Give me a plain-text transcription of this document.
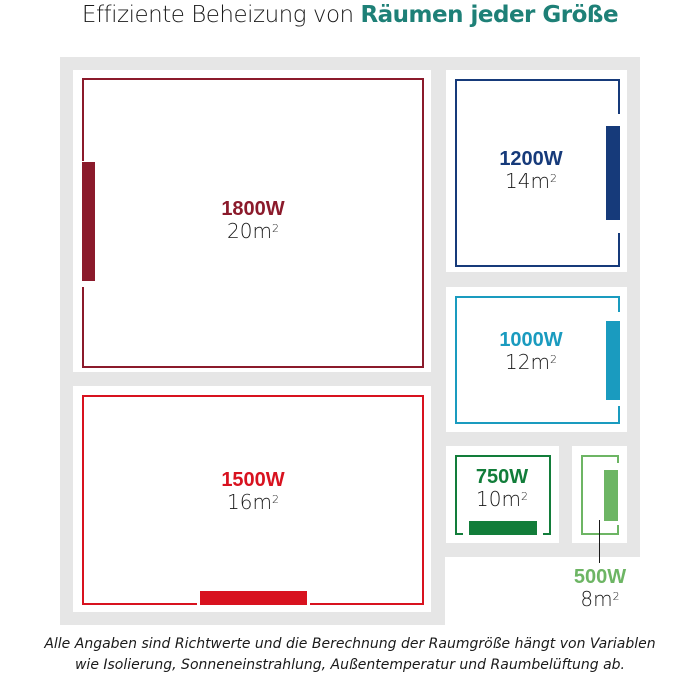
Effiziente Beheizung von Räumen jeder Größe
1800W
$20m^2$
1200W
$14m^2$
1000W
$12m^2$
1500W
$16m^2$
750W
$10m^2$
500W
$8m^2$
Alle Angaben sind Richtwerte und die Berechnung der Raumgröße hängt von Variablen
wie Isolierung, Sonneneinstrahlung, Außentemperatur und Raumbelüftung ab.
